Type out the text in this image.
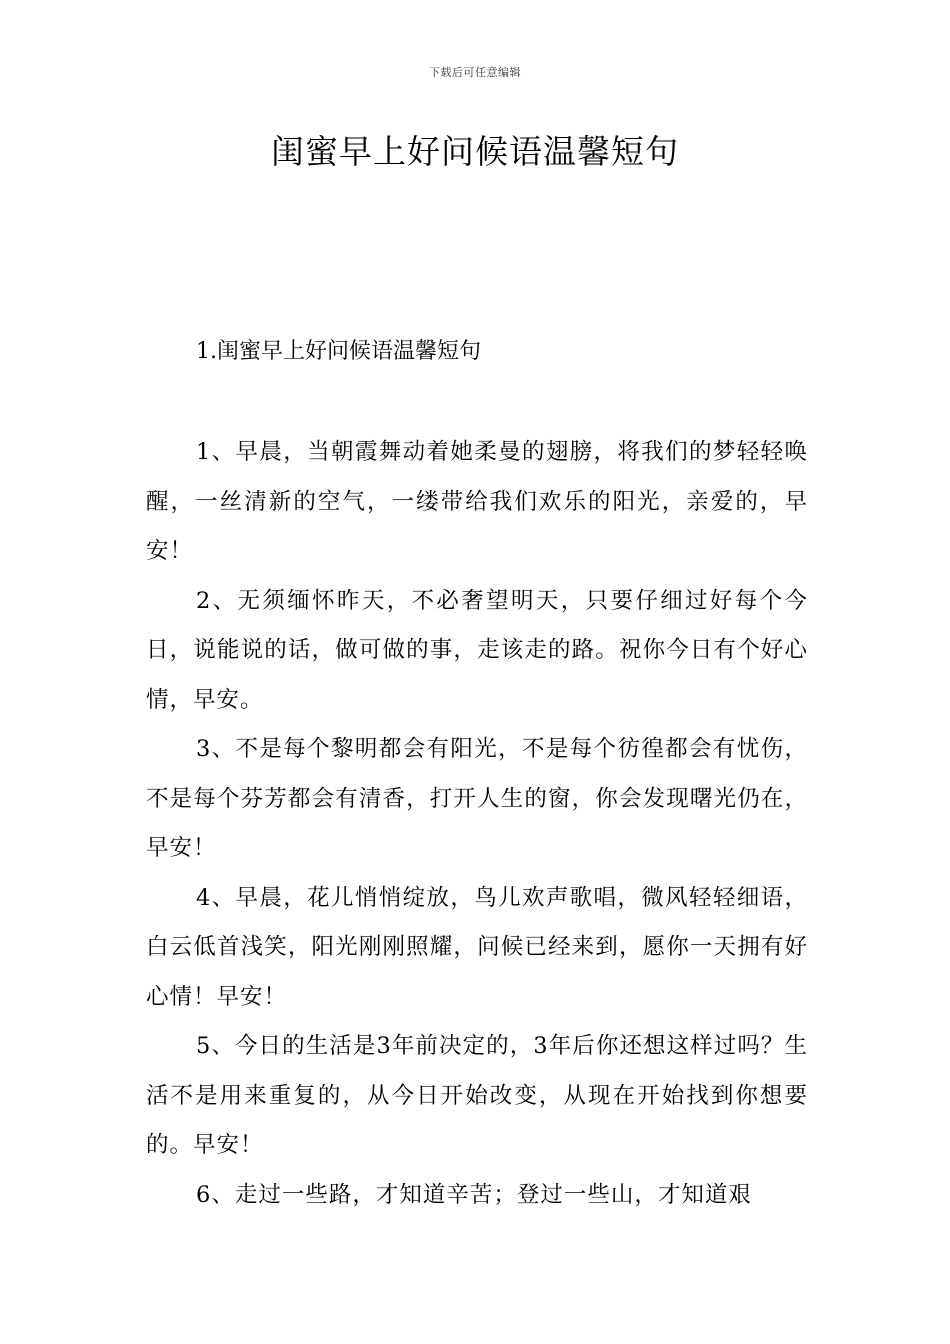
下载后可任意编辑
闺蜜早上好问候语温馨短句
1.闺蜜早上好问候语温馨短句

1、早晨，当朝霞舞动着她柔曼的翅膀，将我们的梦轻轻唤醒，一丝清新的空气，一缕带给我们欢乐的阳光，亲爱的，早安！

2、无须缅怀昨天，不必奢望明天，只要仔细过好每个今日，说能说的话，做可做的事，走该走的路。祝你今日有个好心情，早安。

3、不是每个黎明都会有阳光，不是每个彷徨都会有忧伤，不是每个芬芳都会有清香，打开人生的窗，你会发现曙光仍在，早安！

4、早晨，花儿悄悄绽放，鸟儿欢声歌唱，微风轻轻细语，白云低首浅笑，阳光刚刚照耀，问候已经来到，愿你一天拥有好心情！早安！

5、今日的生活是3年前决定的，3年后你还想这样过吗？生活不是用来重复的，从今日开始改变，从现在开始找到你想要的。早安！

6、走过一些路，才知道辛苦；登过一些山，才知道艰
